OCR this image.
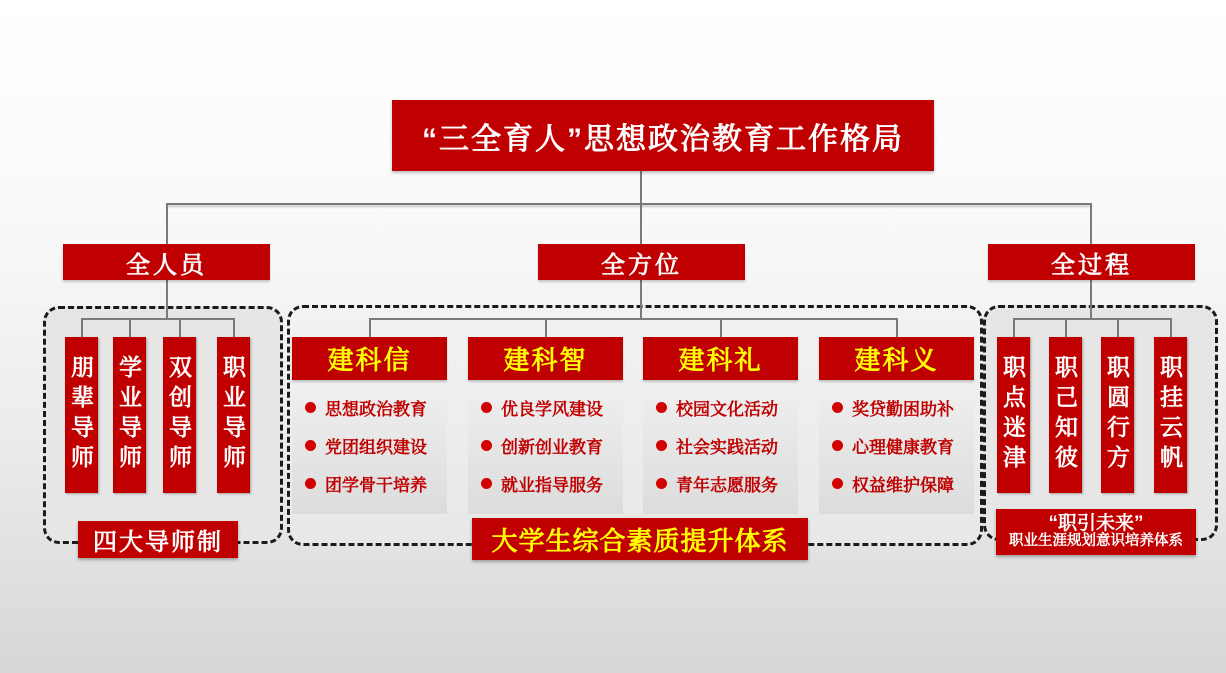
“三全育人”思想政治教育工作格局
全人员	全方位	全过程
朋辈导师 学业导师 双创导师 职业导师
四大导师制
建科信
思想政治教育
党团组织建设
团学骨干培养
建科智
优良学风建设
创新创业教育
就业指导服务
建科礼
校园文化活动
社会实践活动
青年志愿服务
建科义
奖贷勤困助补
心理健康教育
权益维护保障
大学生综合素质提升体系
职点迷津 职己知彼 职圆行方 职挂云帆
“职引未来”
职业生涯规划意识培养体系
